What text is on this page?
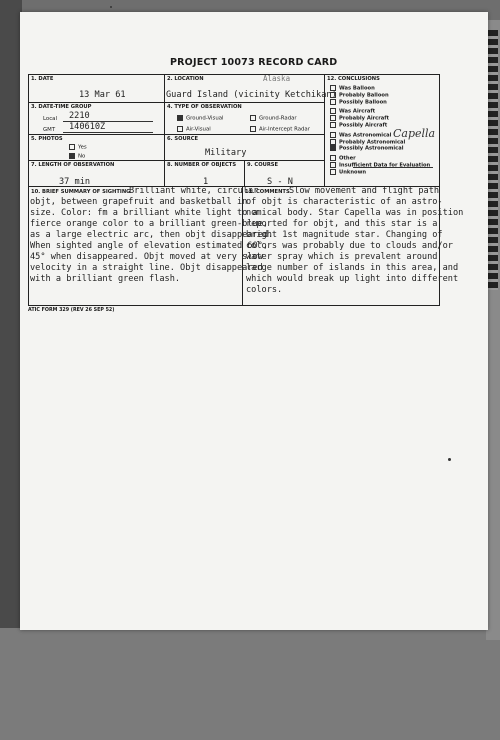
PROJECT 10073 RECORD CARD
1. DATE
13 Mar 61
2. LOCATION	Alaska
Guard Island (vicinity Ketchikan)
3. DATE-TIME GROUP
Local 2210
GMT 140610Z
4. TYPE OF OBSERVATION
Ground-Visual	Ground-Radar
Air-Visual	Air-Intercept Radar
5. PHOTOS
Yes
No
6. SOURCE
Military
7. LENGTH OF OBSERVATION
37 min
8. NUMBER OF OBJECTS
1
9. COURSE
S - N
12. CONCLUSIONS
Was Balloon
Probably Balloon
Possibly Balloon
Was Aircraft
Probably Aircraft
Possibly Aircraft
Was Astronomical
Probably Astronomical
Possibly Astronomical
Other
Insufficient Data for Evaluation
Unknown
Capella
10. BRIEF SUMMARY OF SIGHTING
Brilliant white, circular
objt, between grapefruit and basketball in
size. Color: fm a brilliant white light to a
fierce orange color to a brilliant green-blue,
as a large electric arc, then objt disappeared.
When sighted angle of elevation estimated 60°,
45° when disappeared. Objt moved at very slow
velocity in a straight line. Objt disappeared
with a brilliant green flash.
11. COMMENTS Slow movement and flight path
of objt is characteristic of an astro-
nomical body. Star Capella was in position
reported for objt, and this star is a
bright 1st magnitude star. Changing of
colors was probably due to clouds and/or
water spray which is prevalent around
large number of islands in this area, and
which would break up light into different
colors.
ATIC FORM 329 (REV 26 SEP 52)
